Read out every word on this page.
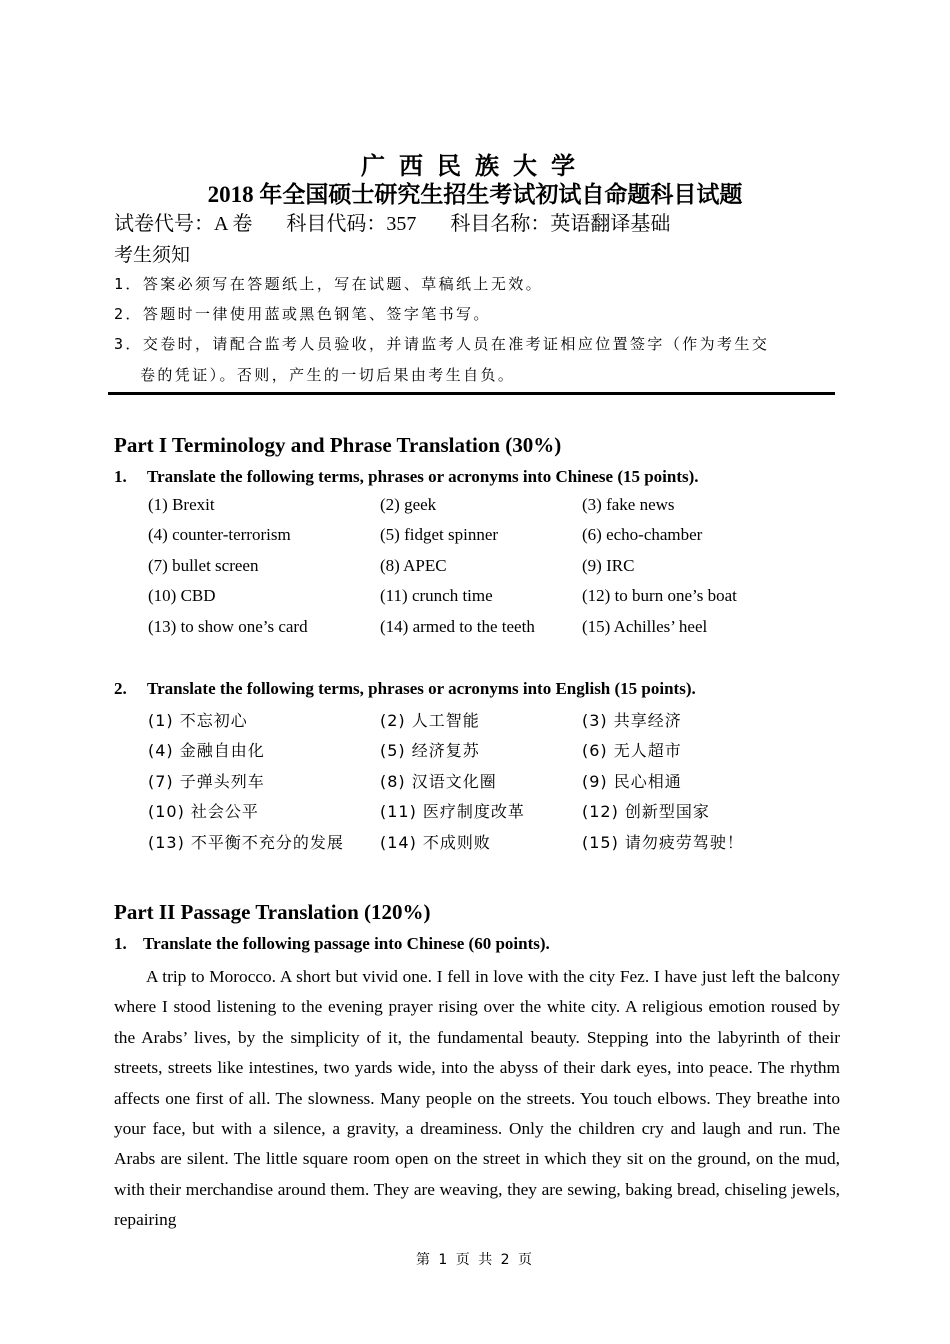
广西民族大学
2018 年全国硕士研究生招生考试初试自命题科目试题
试卷代号：A 卷 科目代码：357 科目名称：英语翻译基础
考生须知
1．答案必须写在答题纸上，写在试题、草稿纸上无效。
2．答题时一律使用蓝或黑色钢笔、签字笔书写。
3．交卷时，请配合监考人员验收，并请监考人员在准考证相应位置签字（作为考生交
卷的凭证）。否则，产生的一切后果由考生自负。
Part I Terminology and Phrase Translation (30%)
1. Translate the following terms, phrases or acronyms into Chinese (15 points).
(1) Brexit	(2) geek	(3) fake news
(4) counter-terrorism	(5) fidget spinner	(6) echo-chamber
(7) bullet screen	(8) APEC	(9) IRC
(10) CBD	(11) crunch time	(12) to burn one’s boat
(13) to show one’s card	(14) armed to the teeth	(15) Achilles’ heel
2. Translate the following terms, phrases or acronyms into English (15 points).
(1) 不忘初心	(2) 人工智能	(3) 共享经济
(4) 金融自由化	(5) 经济复苏	(6) 无人超市
(7) 子弹头列车	(8) 汉语文化圈	(9) 民心相通
(10) 社会公平	(11) 医疗制度改革	(12) 创新型国家
(13) 不平衡不充分的发展	(14) 不成则败	(15) 请勿疲劳驾驶！
Part II Passage Translation (120%)
1. Translate the following passage into Chinese (60 points).

A trip to Morocco. A short but vivid one. I fell in love with the city Fez. I have just left the balcony where I stood listening to the evening prayer rising over the white city. A religious emotion roused by the Arabs’ lives, by the simplicity of it, the fundamental beauty. Stepping into the labyrinth of their streets, streets like intestines, two yards wide, into the abyss of their dark eyes, into peace. The rhythm affects one first of all. The slowness. Many people on the streets. You touch elbows. They breathe into your face, but with a silence, a gravity, a dreaminess. Only the children cry and laugh and run. The Arabs are silent. The little square room open on the street in which they sit on the ground, on the mud, with their merchandise around them. They are weaving, they are sewing, baking bread, chiseling jewels, repairing

第 1 页 共 2 页
